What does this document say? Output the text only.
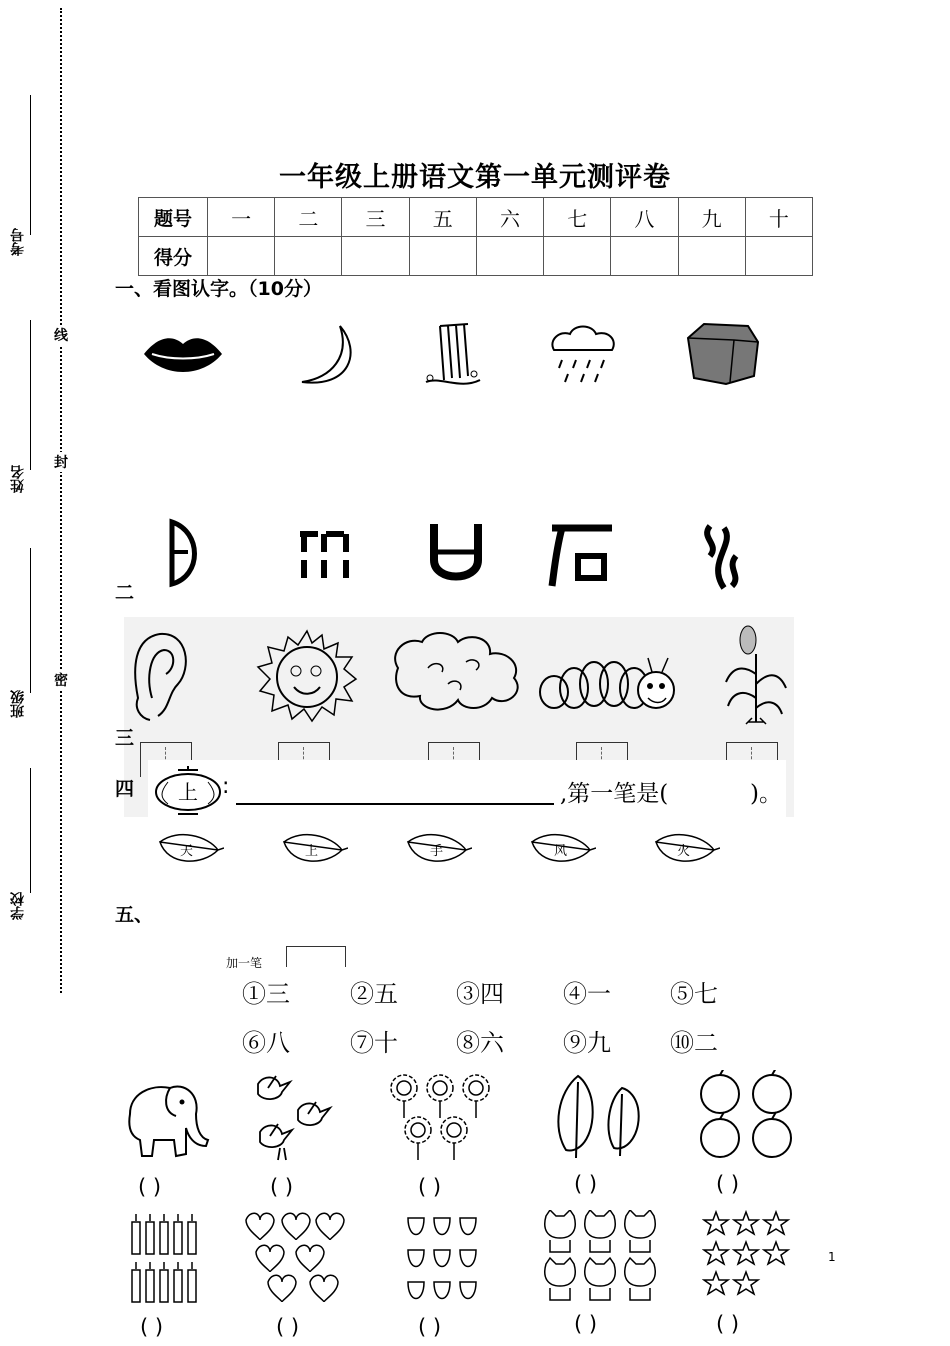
考号
姓名
班级
学校
线
封
密
一年级上册语文第一单元测评卷
题号	一	二	三	五	六	七	八	九	十
得分									
一、看图认字。（10分）
二
三
四 上 :	,第一笔是(	)。
天	上	手	风	火
五、
加一笔
①三	②五 ③四 ④一 ⑤七
⑥八	⑦十 ⑧六 ⑨九 ⑩二
( )	( )	( )	( )	( )
( )	( )	( )	( )	( )
1
